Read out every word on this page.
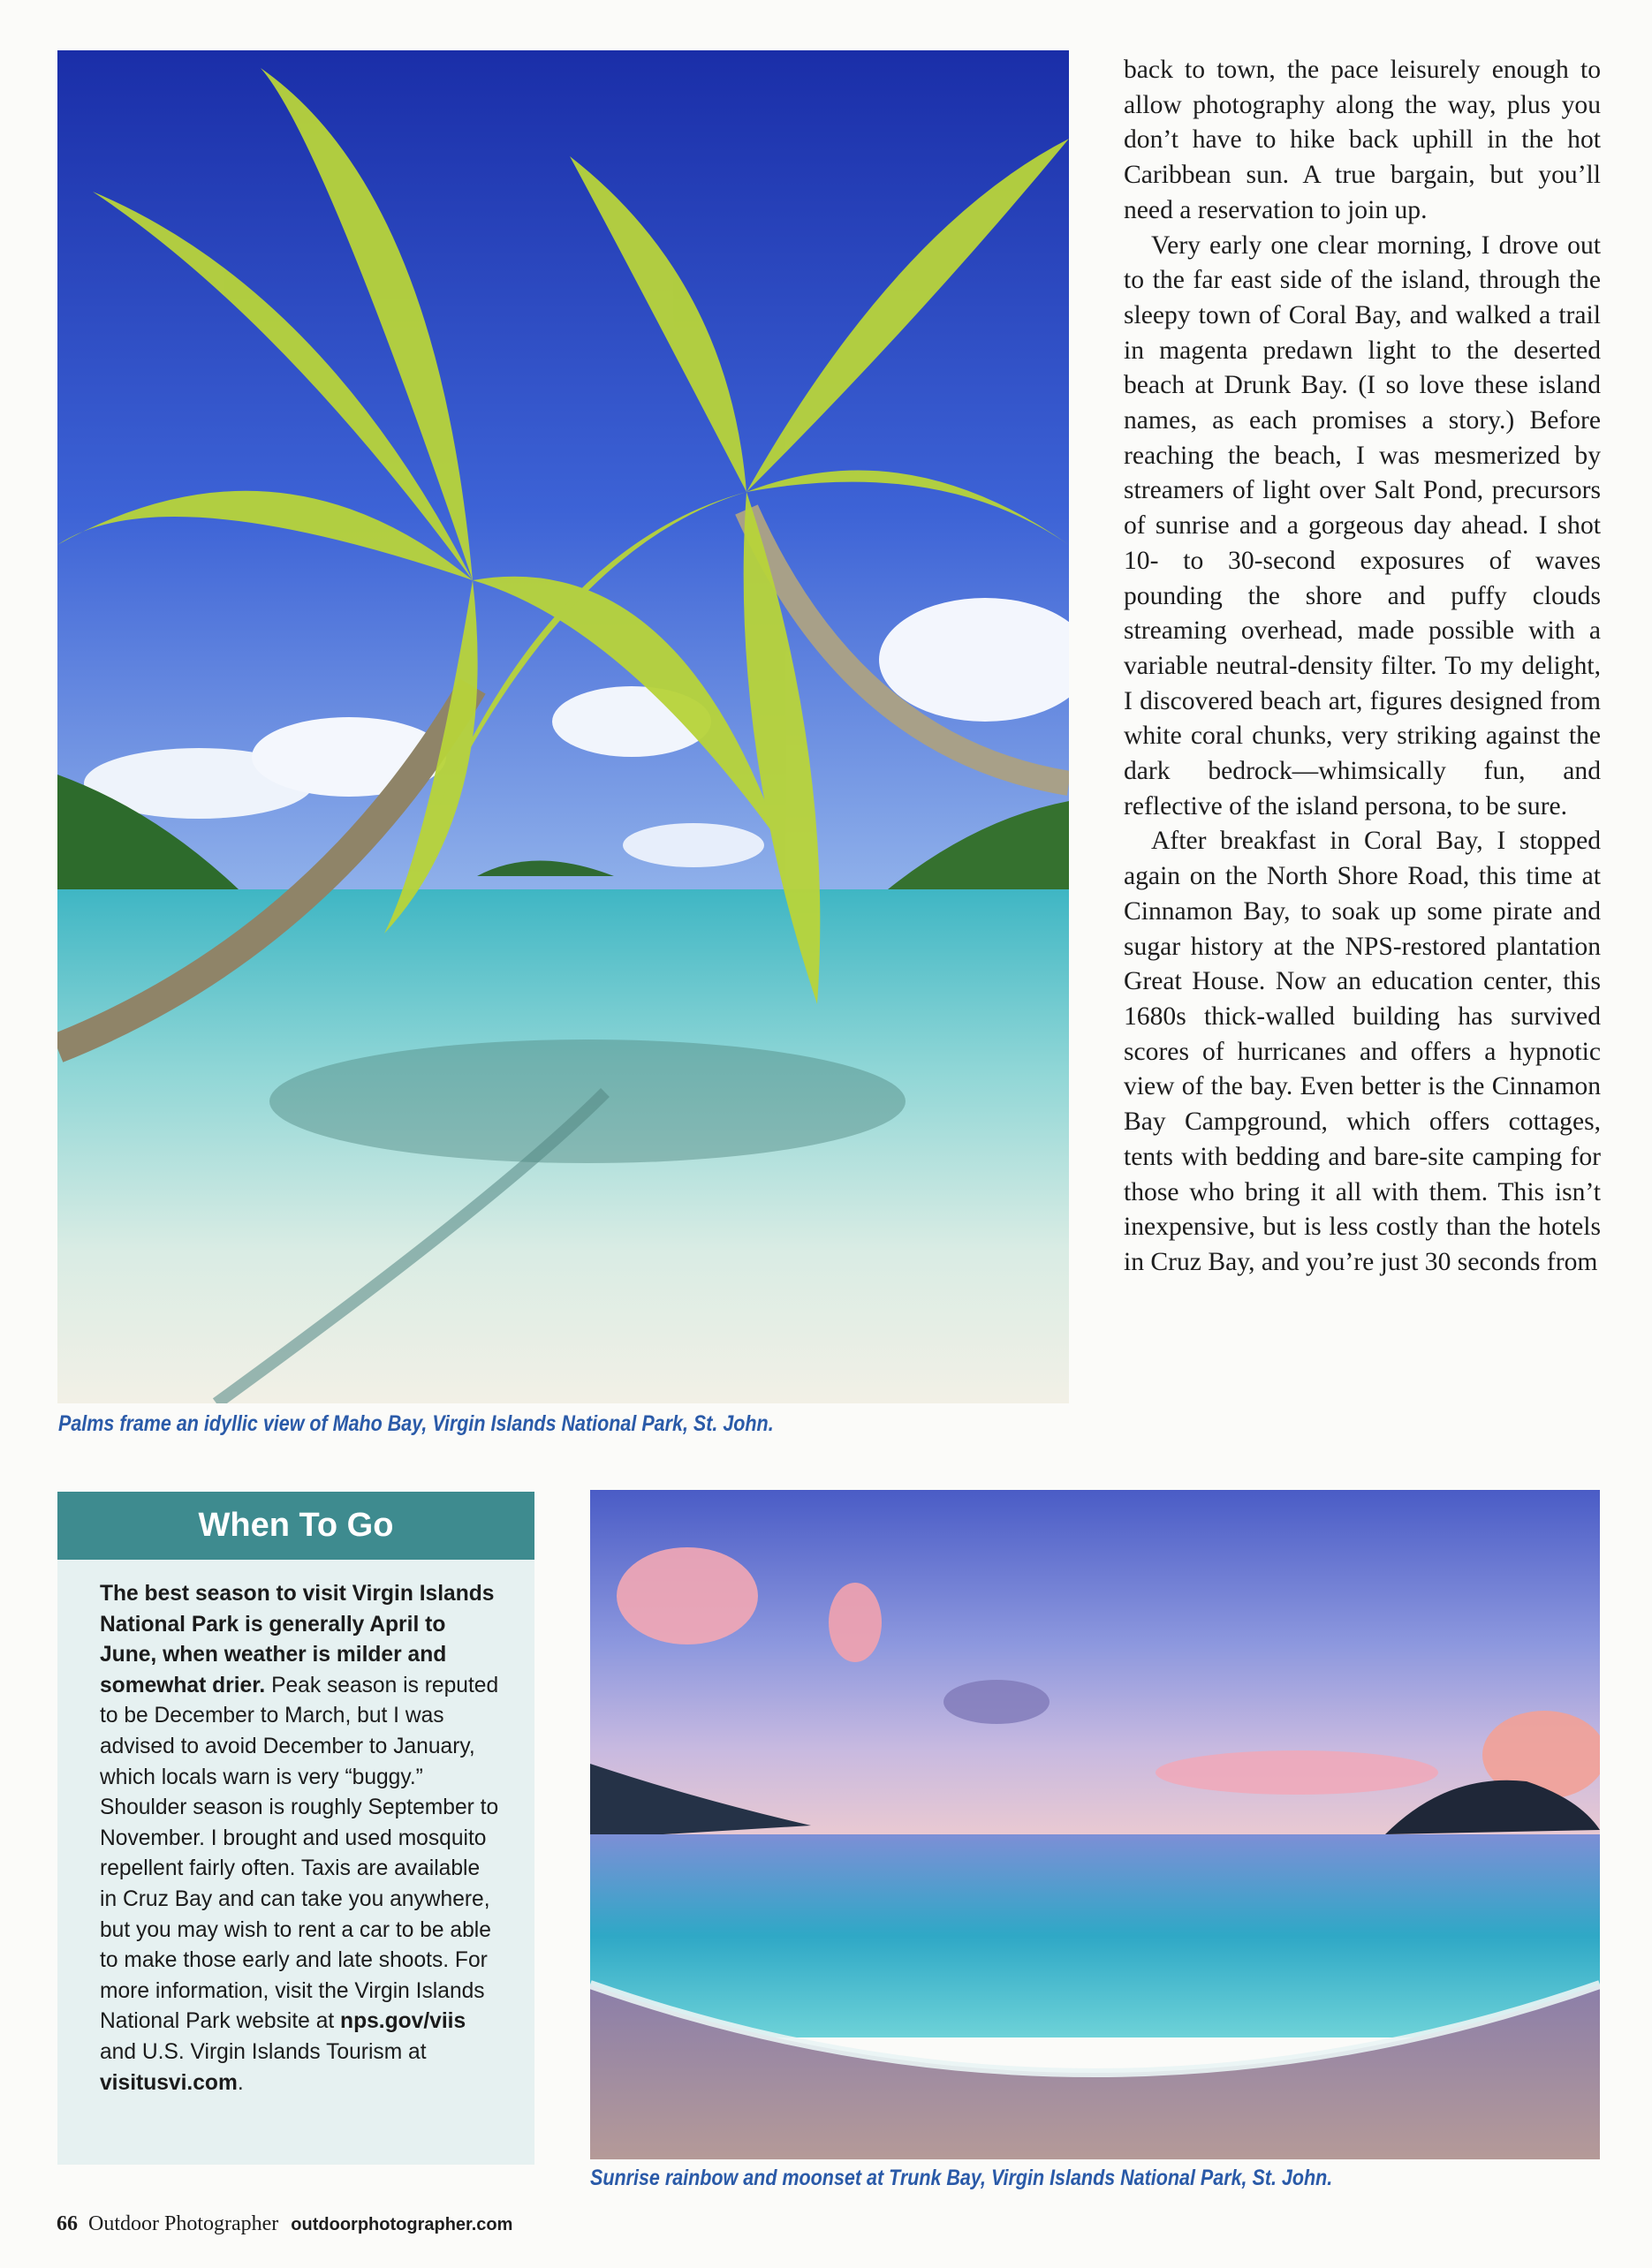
Palms frame an idyllic view of Maho Bay, Virgin Islands National Park, St. John.

back to town, the pace leisurely enough to allow photography along the way, plus you don’t have to hike back uphill in the hot Caribbean sun. A true bargain, but you’ll need a reservation to join up.

Very early one clear morning, I drove out to the far east side of the island, through the sleepy town of Coral Bay, and walked a trail in magenta predawn light to the deserted beach at Drunk Bay. (I so love these island names, as each promises a story.) Before reaching the beach, I was mesmerized by streamers of light over Salt Pond, precursors of sunrise and a gorgeous day ahead. I shot 10- to 30-second exposures of waves pounding the shore and puffy clouds streaming overhead, made possible with a variable neutral-density filter. To my delight, I discovered beach art, figures designed from white coral chunks, very striking against the dark bedrock—whimsically fun, and reflective of the island persona, to be sure.

After breakfast in Coral Bay, I stopped again on the North Shore Road, this time at Cinnamon Bay, to soak up some pirate and sugar history at the NPS-restored plantation Great House. Now an education center, this 1680s thick-walled building has survived scores of hurricanes and offers a hypnotic view of the bay. Even better is the Cinnamon Bay Campground, which offers cottages, tents with bedding and bare-site camping for those who bring it all with them. This isn’t inexpensive, but is less costly than the hotels in Cruz Bay, and you’re just 30 seconds from

When To Go
The best season to visit Virgin Islands National Park is generally April to June, when weather is milder and somewhat drier. Peak season is reputed to be December to March, but I was advised to avoid December to January, which locals warn is very “buggy.” Shoulder season is roughly September to November. I brought and used mosquito repellent fairly often. Taxis are available in Cruz Bay and can take you anywhere, but you may wish to rent a car to be able to make those early and late shoots. For more information, visit the Virgin Islands National Park website at nps.gov/viis and U.S. Virgin Islands Tourism at visitusvi.com.
Sunrise rainbow and moonset at Trunk Bay, Virgin Islands National Park, St. John.
66 Outdoor Photographer outdoorphotographer.com
